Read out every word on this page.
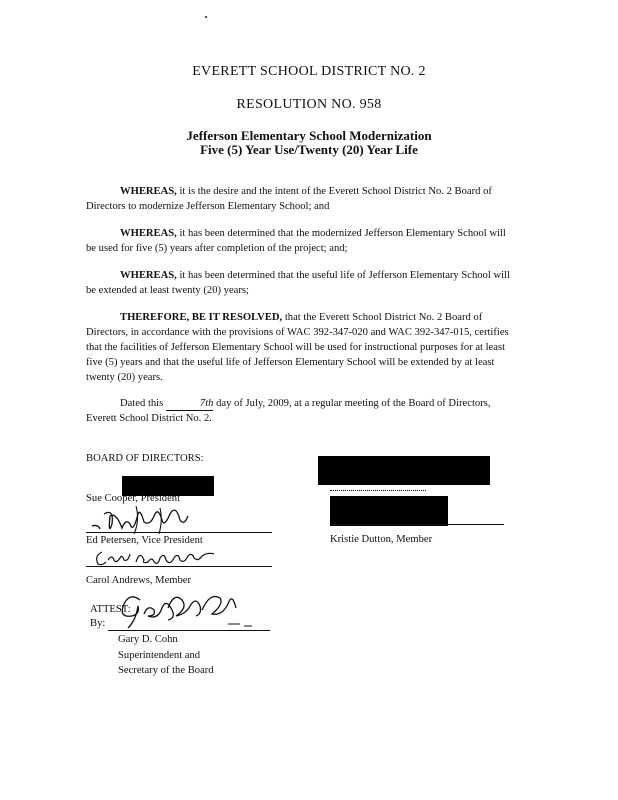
EVERETT SCHOOL DISTRICT NO. 2
RESOLUTION NO. 958
Jefferson Elementary School Modernization
Five (5) Year Use/Twenty (20) Year Life

WHEREAS, it is the desire and the intent of the Everett School District No. 2 Board of Directors to modernize Jefferson Elementary School; and

WHEREAS, it has been determined that the modernized Jefferson Elementary School will be used for five (5) years after completion of the project; and;

WHEREAS, it has been determined that the useful life of Jefferson Elementary School will be extended at least twenty (20) years;

THEREFORE, BE IT RESOLVED, that the Everett School District No. 2 Board of Directors, in accordance with the provisions of WAC 392-347-020 and WAC 392-347-015, certifies that the facilities of Jefferson Elementary School will be used for instructional purposes for at least five (5) years and that the useful life of Jefferson Elementary School will be extended by at least twenty (20) years.

Dated this	7th day of July, 2009, at a regular meeting of the Board of Directors, Everett School District No. 2.

BOARD OF DIRECTORS:
Sue Cooper, President
Ed Petersen, Vice President
Carol Andrews, Member
Kristie Dutton, Member
ATTEST:
By:
Gary D. Cohn
Superintendent and
Secretary of the Board
